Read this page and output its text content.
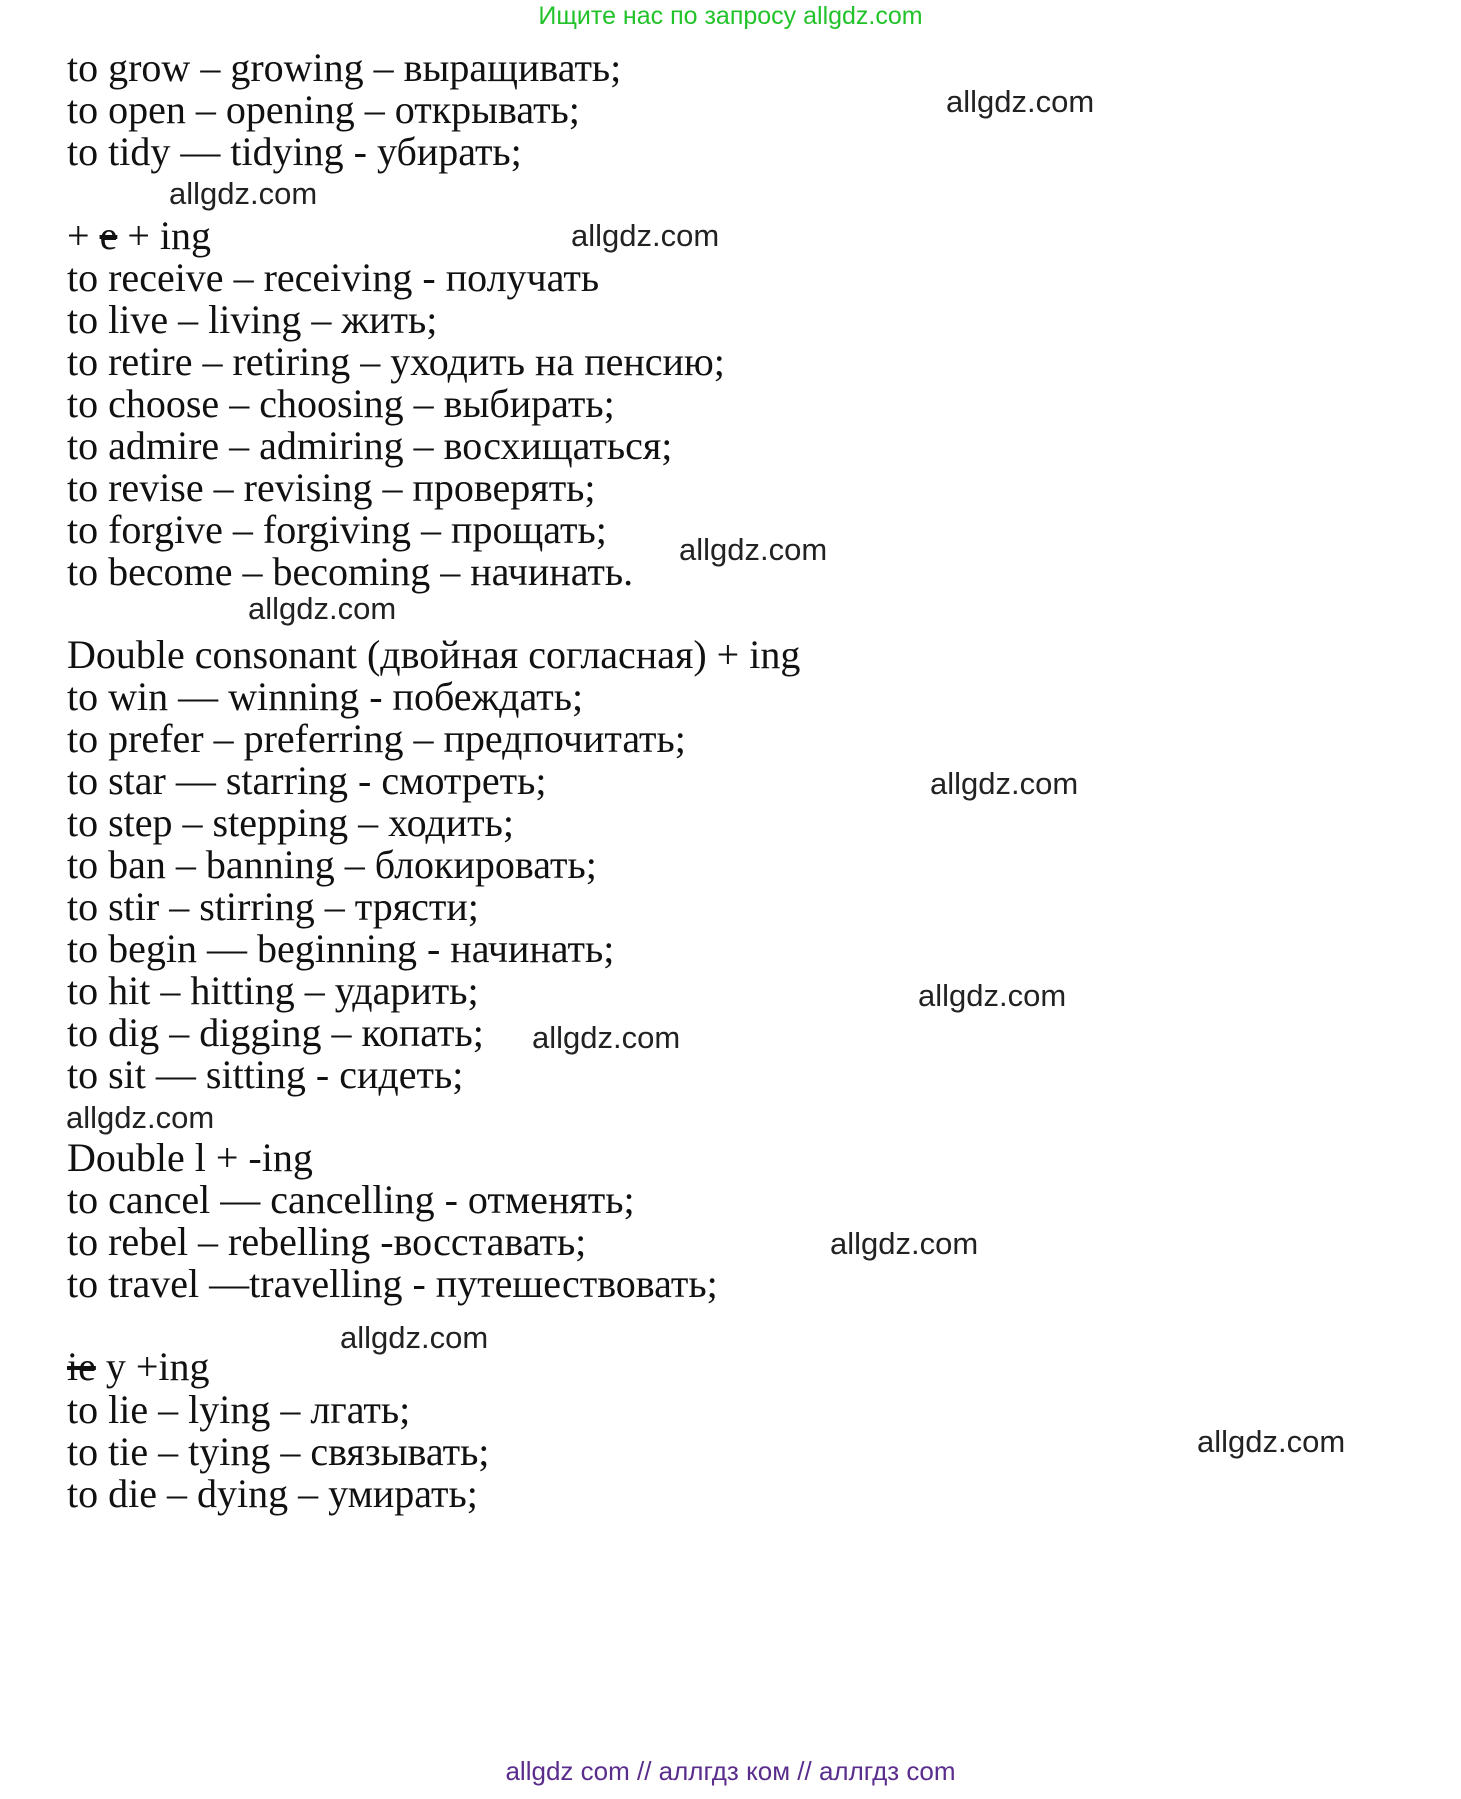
Ищите нас по запросу allgdz.com
to grow – growing – выращивать;
to open – opening – открывать;
to tidy — tidying - убирать;
+ e + ing
to receive – receiving - получать
to live – living – жить;
to retire – retiring – уходить на пенсию;
to choose – choosing – выбирать;
to admire – admiring – восхищаться;
to revise – revising – проверять;
to forgive – forgiving – прощать;
to become – becoming – начинать.
Double consonant (двойная согласная) + ing
to win — winning - побеждать;
to prefer – preferring – предпочитать;
to star — starring - смотреть;
to step – stepping – ходить;
to ban – banning – блокировать;
to stir – stirring – трясти;
to begin — beginning - начинать;
to hit – hitting – ударить;
to dig – digging – копать;
to sit — sitting - сидеть;
Double l + -ing
to cancel — cancelling - отменять;
to rebel – rebelling -восставать;
to travel —travelling - путешествовать;
ie y +ing
to lie – lying – лгать;
to tie – tying – связывать;
to die – dying – умирать;
allgdz.com
allgdz.com
allgdz.com
allgdz.com
allgdz.com
allgdz.com
allgdz.com
allgdz.com
allgdz.com
allgdz.com
allgdz.com
allgdz.com
allgdz com // аллгдз ком // аллгдз com
